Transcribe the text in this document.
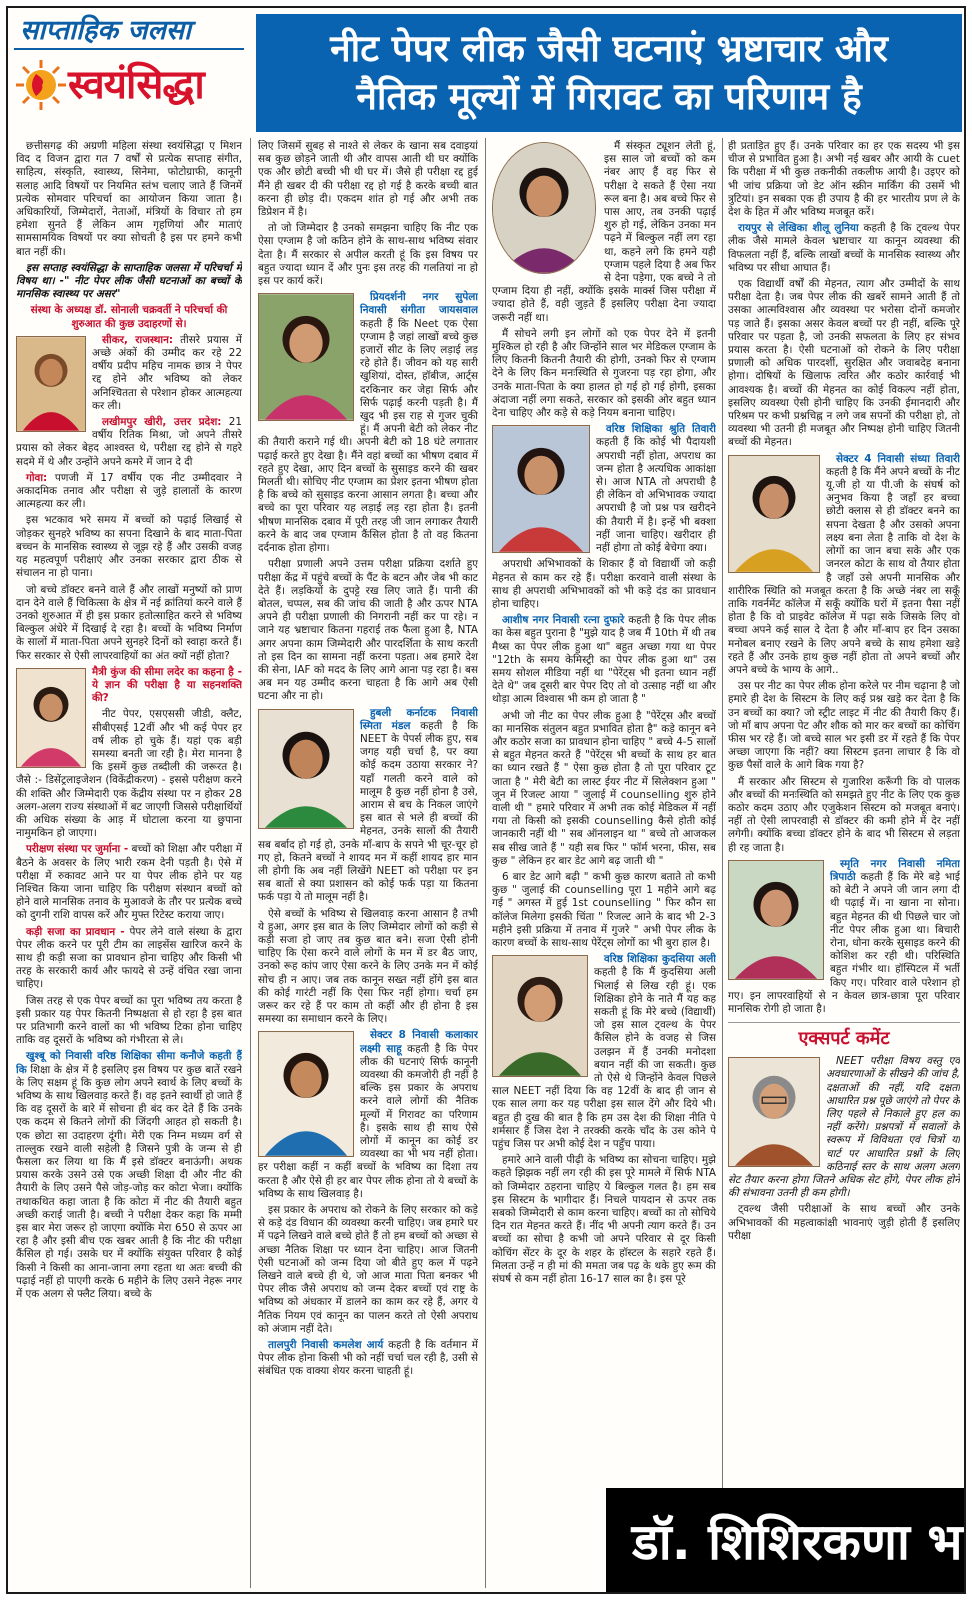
साप्ताहिक जलसा
स्वयंसिद्धा
नीट पेपर लीक जैसी घटनाएं भ्रष्टाचार और
नैतिक मूल्यों में गिरावट का परिणाम है

छत्तीसगढ़ की अग्रणी महिला संस्था स्वयंसिद्धा ए मिशन विद द विजन द्वारा गत 7 वर्षों से प्रत्येक सप्ताह संगीत, साहित्य, संस्कृति, स्वास्थ्य, सिनेमा, फोटोग्राफी, कानूनी सलाह आदि विषयों पर नियमित स्तंभ चलाए जाते हैं जिनमें प्रत्येक सोमवार परिचर्चा का आयोजन किया जाता है। अधिकारियों, जिम्मेदारों, नेताओं, मंत्रियों के विचार तो हम हमेशा सुनते हैं लेकिन आम गृहणियां और माताएं सामसामयिक विषयों पर क्या सोचती है इस पर हमने कभी बात नहीं की।

इस सप्ताह स्वयंसिद्धा के साप्ताहिक जलसा में परिचर्चा में विषय था। -" नीट पेपर लीक जैसी घटनाओं का बच्चों के मानसिक स्वास्थ्य पर असर"

संस्था के अध्यक्ष डॉ. सोनाली चक्रवर्ती ने परिचर्चा की शुरुआत की कुछ उदाहरणों से।

सीकर, राजस्थान: तीसरे प्रयास में अच्छे अंकों की उम्मीद कर रहे 22 वर्षीय प्रदीप महिच नामक छात्र ने पेपर रद्द होने और भविष्य को लेकर अनिश्चितता से परेशान होकर आत्महत्या कर ली।

लखीमपुर खीरी, उत्तर प्रदेश: 21 वर्षीय रितिक मिश्रा, जो अपने तीसरे प्रयास को लेकर बेहद आश्वस्त थे, परीक्षा रद्द होने से गहरे सदमे में थे और उन्होंने अपने कमरे में जान दे दी

गोवा: पणजी में 17 वर्षीय एक नीट उम्मीदवार ने अकादमिक तनाव और परीक्षा से जुड़े हालातों के कारण आत्महत्या कर ली।

इस भटकाव भरे समय में बच्चों को पढ़ाई लिखाई से जोड़कर सुनहरे भविष्य का सपना दिखाने के बाद माता-पिता बच्चन के मानसिक स्वास्थ्य से जूझ रहे हैं और उसकी वजह यह महत्वपूर्ण परीक्षाएं और उनका सरकार द्वारा ठीक से संचालन ना हो पाना।

जो बच्चे डॉक्टर बनने वाले हैं और लाखों मनुष्यों को प्राण दान देने वाले हैं चिकित्सा के क्षेत्र में नई क्रांतियां करने वाले हैं उनको शुरुआत में ही इस प्रकार हतोत्साहित करने से भविष्य बिल्कुल अंधेरे में दिखाई दे रहा है। बच्चों के भविष्य निर्माण के सालों में माता-पिता अपने सुनहरे दिनों को स्वाहा करते हैं। फिर सरकार से ऐसी लापरवाहियों का अंत क्यों नहीं होता?

मैत्री कुंज की सीमा लदेर का कहना है - ये ज्ञान की परीक्षा है या सहनशक्ति की?

नीट पेपर, एसएससी जीडी, क्लैट, सीबीएसई 12वीं और भी कई पेपर हर वर्ष लीक हो चुके हैं। यहां एक बड़ी समस्या बनती जा रही है। मेरा मानना है कि इसमें कुछ तब्दीली की जरूरत है। जैसे :- डिसेंट्रलाइजेशन (विकेंद्रीकरण) - इससे परीक्षण करने की शक्ति और जिम्मेदारी एक केंद्रीय संस्था पर न होकर 28 अलग-अलग राज्य संस्थाओं में बट जाएगी जिससे परीक्षार्थियों की अधिक संख्या के आड़ में घोटाला करना या छुपाना नामुमकिन हो जाएगा।

परीक्षण संस्था पर जुर्माना - बच्चों को शिक्षा और परीक्षा में बैठने के अवसर के लिए भारी रकम देनी पड़ती है। ऐसे में परीक्षा में रुकावट आने पर या पेपर लीक होने पर यह निश्चित किया जाना चाहिए कि परीक्षण संस्थान बच्चों को होने वाले मानसिक तनाव के मुआवजे के तौर पर प्रत्येक बच्चे को दुगनी राशि वापस करें और मुफ्त रिटेस्ट कराया जाए।

कड़ी सजा का प्रावधान - पेपर लेने वाले संस्था के द्वारा पेपर लीक करने पर पूरी टीम का लाइसेंस खारिज करने के साथ ही कड़ी सजा का प्रावधान होना चाहिए और किसी भी तरह के सरकारी कार्य और फायदे से उन्हें वंचित रखा जाना चाहिए।

जिस तरह से एक पेपर बच्चों का पूरा भविष्य तय करता है इसी प्रकार यह पेपर कितनी निष्पक्षता से हो रहा है इस बात पर प्रतिभागी करने वालों का भी भविष्य टिका होना चाहिए ताकि वह दूसरों के भविष्य को गंभीरता से ले।

खुश्बू को निवासी वरिष्ठ शिक्षिका सीमा कनौजे कहती हैं कि शिक्षा के क्षेत्र में है इसलिए इस विषय पर कुछ बातें रखने के लिए सक्षम हूं कि कुछ लोग अपने स्वार्थ के लिए बच्चों के भविष्य के साथ खिलवाड़ करते हैं। वह इतने स्वार्थी हो जाते हैं कि वह दूसरों के बारे में सोचना ही बंद कर देते हैं कि उनके एक कदम से कितने लोगों की जिंदगी आहत हो सकती है। एक छोटा सा उदाहरण दूंगी। मेरी एक निम्न मध्यम वर्ग से ताल्लुक रखने वाली सहेली है जिसने पुत्री के जन्म से ही फैसला कर लिया था कि मैं इसे डॉक्टर बनाऊंगी। अथक प्रयास करके उसने उसे एक अच्छी शिक्षा दी और नीट की तैयारी के लिए उसने पैसे जोड़-जोड़ कर कोटा भेजा। क्योंकि तथाकथित कहा जाता है कि कोटा में नीट की तैयारी बहुत अच्छी कराई जाती है। बच्ची ने परीक्षा देकर कहा कि मम्मी इस बार मेरा जरूर हो जाएगा क्योंकि मेरा 650 से ऊपर आ रहा है और इसी बीच एक खबर आती है कि नीट की परीक्षा कैंसिल हो गई। उसके घर में क्योंकि संयुक्त परिवार है कोई किसी ने किसी का आना-जाना लगा रहता था अतः बच्ची की पढ़ाई नहीं हो पाएगी करके 6 महीने के लिए उसने नेहरू नगर में एक अलग से फ्लैट लिया। बच्चे के

लिए जिसमें सुबह से नाश्ते से लेकर के खाना सब दवाइयां सब कुछ छोड़ने जाती थी और वापस आती थी घर क्योंकि एक और छोटी बच्ची भी थी घर में। जैसे ही परीक्षा रद्द हुई मैंने ही खबर दी की परीक्षा रद्द हो गई है करके बच्ची बात करना ही छोड़ दी। एकदम शांत हो गई और अभी तक डिप्रेशन में है।

तो जो जिम्मेदार है उनको समझना चाहिए कि नीट एक ऐसा एग्जाम है जो कठिन होने के साथ-साथ भविष्य संवार देता है। मैं सरकार से अपील करती हूं कि इस विषय पर बहुत ज्यादा ध्यान दें और पुनः इस तरह की गलतियां ना हो इस पर कार्य करें।

प्रियदर्शनी नगर सुपेला निवासी संगीता जायसवाल कहती हैं कि Neet एक ऐसा एग्जाम है जहां लाखों बच्चे कुछ हजारों सीट के लिए लड़ाई लड़ रहे होते हैं। जीवन को यह सारी खुशियां, दोस्त, हॉबीज, आर्ट्स दरकिनार कर जेहा सिर्फ और सिर्फ पढ़ाई करनी पड़ती है। मैं खुद भी इस राह से गुजर चुकी हूं। मैं अपनी बेटी को लेकर नीट की तैयारी कराने गई थी। अपनी बेटी को 18 घंटे लगातार पढ़ाई करते हुए देखा है। मैंने वहां बच्चों का भीषण दबाव में रहते हुए देखा, आए दिन बच्चों के सुसाइड करने की खबर मिलती थी। सोचिए नीट एग्जाम का प्रेशर इतना भीषण होता है कि बच्चे को सुसाइड करना आसान लगता है। बच्चा और बच्चे का पूरा परिवार यह लड़ाई लड़ रहा होता है। इतनी भीषण मानसिक दबाव में पूरी तरह जी जान लगाकर तैयारी करने के बाद जब एग्जाम कैंसिल होता है तो वह कितना दर्दनाक होता होगा।

परीक्षा प्रणाली अपने उत्तम परीक्षा प्रक्रिया दर्शाते हुए परीक्षा केंद्र में पहुंचे बच्चों के पैंट के बटन और जेब भी काट देते हैं। लड़कियों के दुपट्टे रख लिए जाते हैं। पानी की बोतल, चप्पल, सब की जांच की जाती है और ऊपर NTA अपने ही परीक्षा प्रणाली की निगरानी नहीं कर पा रहे। न जाने यह भ्रष्टाचार कितना गहराई तक फैला हुआ है, NTA अगर अपना काम जिम्मेदारी और पारदर्शिता के साथ करती तो इस दिन का सामना नहीं करना पड़ता। अब हमारे देश की सेना, IAF को मदद के लिए आगे आना पड़ रहा है। बस अब मन यह उम्मीद करना चाहता है कि आगे अब ऐसी घटना और ना हो।

हुबली कर्नाटक निवासी स्मिता मंडल कहती है कि NEET के पेपर्स लीक हुए, सब जगह यही चर्चा है, पर क्या कोई कदम उठाया सरकार ने? यहाँ गलती करने वाले को मालूम है कुछ नहीं होना है उसे, आराम से बच के निकल जाएंगे इस बात से भले ही बच्चों की मेहनत, उनके सालों की तैयारी सब बर्बाद हो गई हो, उनके माँ-बाप के सपने भी चूर-चूर हो गए हो, कितने बच्चों ने शायद मन में कहीं शायद हार मान ली होगी कि अब नहीं लिखेंगे NEET को परीक्षा पर इन सब बातों से क्या प्रशासन को कोई फर्क पड़ा या कितना फर्क पड़ा ये तो मालूम नहीं है।

ऐसे बच्चों के भविष्य से खिलवाड़ करना आसान है तभी ये हुआ, अगर इस बात के लिए जिम्मेदार लोगों को कड़ी से कड़ी सजा हो जाए तब कुछ बात बने। सजा ऐसी होनी चाहिए कि ऐसा करने वाले लोगों के मन में डर बैठ जाए, उनको रूह कांप जाए ऐसा करने के लिए उनके मन में कोई सोच ही न आए। जब तक कानून सख्त नहीं होंगे इस बात की कोई गारंटी नहीं कि ऐसा फिर नहीं होगा। चर्चा हम जरूर कर रहे हैं पर काम तो कहीं और ही होना है इस समस्या का समाधान करने के लिए।

सेक्टर 8 निवासी कलाकार लक्ष्मी साहू कहती है कि पेपर लीक की घटनाएं सिर्फ कानूनी व्यवस्था की कमजोरी ही नहीं है बल्कि इस प्रकार के अपराध करने वाले लोगों की नैतिक मूल्यों में गिरावट का परिणाम है। इसके साथ ही साथ ऐसे लोगों में कानून का कोई डर व्यवस्था का भी भय नहीं होता। हर परीक्षा कहीं न कहीं बच्चों के भविष्य का दिशा तय करता है और ऐसे ही हर बार पेपर लीक होना तो ये बच्चों के भविष्य के साथ खिलवाड़ है।

इस प्रकार के अपराध को रोकने के लिए सरकार को कड़े से कड़े दंड विधान की व्यवस्था करनी चाहिए। जब हमारे घर में पढ़ने लिखने वाले बच्चे होते हैं तो हम बच्चों को अच्छा से अच्छा नैतिक शिक्षा पर ध्यान देना चाहिए। आज जितनी ऐसी घटनाओं को जन्म दिया जो बीते हुए कल में पढ़ने लिखने वाले बच्चे ही थे, जो आज माता पिता बनकर भी पेपर लीक जैसे अपराध को जन्म देकर बच्चों एवं राष्ट्र के भविष्य को अंधकार में डालने का काम कर रहे हैं, अगर ये नैतिक नियम एवं कानून का पालन करते तो ऐसी अपराध को अंजाम नहीं देते।

तालपुरी निवासी कमलेश आर्य कहती है कि वर्तमान में पेपर लीक होना किसी भी को नहीं चर्चा चल रही है, उसी से संबंधित एक वाक्या शेयर करना चाहती हूं।

मैं संस्कृत ट्यूशन लेती हूं, इस साल जो बच्चों को कम नंबर आए हैं वह फिर से परीक्षा दे सकते हैं ऐसा नया रूल बना है। अब बच्चे फिर से पास आए, तब उनकी पढ़ाई शुरु हो गई, लेकिन उनका मन पढ़ने में बिल्कुल नहीं लग रहा था, कहने लगे कि हमने यही एग्जाम पहले दिया है अब फिर से देना पड़ेगा, एक बच्चे ने तो एग्जाम दिया ही नहीं, क्योंकि इसके मार्क्स जिस परीक्षा में ज्यादा होते हैं, वही जुड़ते हैं इसलिए परीक्षा देना ज्यादा जरूरी नहीं था।

मैं सोचने लगी इन लोगों को एक पेपर देने में इतनी मुश्किल हो रही है और जिन्होंने साल भर मेडिकल एग्जाम के लिए कितनी कितनी तैयारी की होगी, उनको फिर से एग्जाम देने के लिए किन मनःस्थिति से गुजरना पड़ रहा होगा, और उनके माता-पिता के क्या हालत हो गई हो गई होगी, इसका अंदाजा नहीं लगा सकते, सरकार को इसकी ओर बहुत ध्यान देना चाहिए और कड़े से कड़े नियम बनाना चाहिए।

वरिष्ठ शिक्षिका श्रुति तिवारी कहती हैं कि कोई भी पैदायशी अपराधी नहीं होता, अपराध का जन्म होता है अत्यधिक आकांक्षा से। आज NTA तो अपराधी है ही लेकिन वो अभिभावक ज्यादा अपराधी है जो प्रश्न पत्र खरीदने की तैयारी में है। इन्हें भी बक्शा नहीं जाना चाहिए। खरीदार ही नहीं होगा तो कोई बेचेगा क्या।

अपराधी अभिभावकों के शिकार हैं वो विद्यार्थी जो कड़ी मेहनत से काम कर रहे हैं। परीक्षा करवाने वाली संस्था के साथ ही अपराधी अभिभावकों को भी कड़े दंड का प्रावधान होना चाहिए।

आशीष नगर निवासी रत्ना दुफारे कहती है कि पेपर लीक का केस बहुत पुराना है "मुझे याद है जब मैं 10th में थी तब मैथ्स का पेपर लीक हुआ था" बहुत अच्छा गया था पेपर "12th के समय केमिस्ट्री का पेपर लीक हुआ था" उस समय सोशल मीडिया नहीं था "पेरेंट्स भी इतना ध्यान नहीं देते थे" जब दूसरी बार पेपर दिए तो वो उत्साह नहीं था और थोड़ा आत्म विश्वास भी कम हो जाता है "

अभी जो नीट का पेपर लीक हुआ है "पेरेंट्स और बच्चों का मानसिक संतुलन बहुत प्रभावित होता है" कड़े कानून बने और कठोर सजा का प्रावधान होना चाहिए " बच्चे 4-5 सालों से बहुत मेहनत करते हैं "पेरेंट्स भी बच्चों के साथ हर बात का ध्यान रखते हैं " ऐसा कुछ होता है तो पूरा परिवार टूट जाता है " मेरी बेटी का लास्ट ईयर नीट में सिलेक्शन हुआ " जून में रिजल्ट आया " जुलाई में counselling शुरु होने वाली थी " हमारे परिवार में अभी तक कोई मेडिकल में नहीं गया तो किसी को इसकी counselling कैसे होती कोई जानकारी नहीं थी " सब ऑनलाइन था " बच्चे तो आजकल सब सीख जाते हैं " यही सब फिर " फॉर्म भरना, फीस, सब कुछ " लेकिन हर बार डेट आगे बढ़ जाती थी "

6 बार डेट आगे बढ़ी " कभी कुछ कारण बताते तो कभी कुछ " जुलाई की counselling पूरा 1 महीने आगे बढ़ गई " अगस्त में हुई 1st counselling " फिर कौन सा कॉलेज मिलेगा इसकी चिंता " रिजल्ट आने के बाद भी 2-3 महीने इसी प्रक्रिया में तनाव में गुजरे " अभी पेपर लीक के कारण बच्चों के साथ-साथ पेरेंट्स लोगों का भी बुरा हाल है।

वरिष्ठ शिक्षिका कुदसिया अली कहती है कि मैं कुदसिया अली भिलाई से लिख रही हूं। एक शिक्षिका होने के नाते मैं यह कह सकती हूं कि मेरे बच्चे (विद्यार्थी) जो इस साल ट्वल्थ के पेपर कैंसिल होने के वजह से जिस उलझन में हैं उनकी मनोदशा बयान नहीं की जा सकती। कुछ तो ऐसे थे जिन्होंने केवल पिछले साल NEET नहीं दिया कि वह 12वीं के बाद ही जान से एक साल लगा कर यह परीक्षा इस साल देंगे और दिये भी। बहुत ही दुख की बात है कि हम उस देश की शिक्षा नीति पे शर्मसार हैं जिस देश ने तरक्की करके चाँद के उस कोने पे पहुंच जिस पर अभी कोई देश न पहुँच पाया।

हमारे आने वाली पीढ़ी के भविष्य का सोचना चाहिए। मुझे कहते झिझक नहीं लग रही की इस पूरे मामले में सिर्फ NTA को जिम्मेदार ठहराना चाहिए ये बिल्कुल गलत है। हम सब इस सिस्टम के भागीदार हैं। निचले पायदान से ऊपर तक सबको जिम्मेदारी से काम करना चाहिए। बच्चों का तो सोचिये दिन रात मेहनत करते हैं। नींद भी अपनी त्याग करते हैं। उन बच्चों का सोचा है कभी जो अपने परिवार से दूर किसी कोचिंग सेंटर के दूर के शहर के हॉस्टल के सहारे रहते हैं। मिलता उन्हें न ही मां की ममता जब पढ़ के थके हुए रूम की संघर्ष से कम नहीं होता 16-17 साल का है। इस पूरे

ही प्रताड़ित हुए हैं। उनके परिवार का हर एक सदस्य भी इस चीज से प्रभावित हुआ है। अभी नई खबर और आयी के cuet कि परीक्षा में भी कुछ तकनीकी तकलीफ आयी है। उइएर को भी जांच प्रक्रिया जो डेट ऑन स्क्रीन मार्किंग की उसमें भी त्रुटियां। इन सबका एक ही उपाय है की हर भारतीय प्रण ले के देश के हित में और भविष्य मजबूत करें।

रायपुर से लेखिका शीलू लुनिया कहती है कि ट्वल्थ पेपर लीक जैसे मामले केवल भ्रष्टाचार या कानून व्यवस्था की विफलता नहीं हैं, बल्कि लाखों बच्चों के मानसिक स्वास्थ्य और भविष्य पर सीधा आघात हैं।

एक विद्यार्थी वर्षों की मेहनत, त्याग और उम्मीदों के साथ परीक्षा देता है। जब पेपर लीक की खबरें सामने आती हैं तो उसका आत्मविश्वास और व्यवस्था पर भरोसा दोनों कमजोर पड़ जाते हैं। इसका असर केवल बच्चों पर ही नहीं, बल्कि पूरे परिवार पर पड़ता है, जो उनकी सफलता के लिए हर संभव प्रयास करता है। ऐसी घटनाओं को रोकने के लिए परीक्षा प्रणाली को अधिक पारदर्शी, सुरक्षित और जवाबदेह बनाना होगा। दोषियों के खिलाफ त्वरित और कठोर कार्रवाई भी आवश्यक है। बच्चों की मेहनत का कोई विकल्प नहीं होता, इसलिए व्यवस्था ऐसी होनी चाहिए कि उनकी ईमानदारी और परिश्रम पर कभी प्रश्नचिह्न न लगे जब सपनों की परीक्षा हो, तो व्यवस्था भी उतनी ही मजबूत और निष्पक्ष होनी चाहिए जितनी बच्चों की मेहनत।

सेक्टर 4 निवासी संध्या तिवारी कहती है कि मैंने अपने बच्चों के नीट यू.जी हो या पी.जी के संघर्ष को अनुभव किया है जहाँ हर बच्चा छोटी क्लास से ही डॉक्टर बनने का सपना देखता है और उसको अपना लक्ष्य बना लेता है ताकि वो देश के लोगों का जान बचा सके और एक जनरल कोटा के साथ वो तैयार होता है जहाँ उसे अपनी मानसिक और शारीरिक स्थिति को मजबूत करता है कि अच्छे नंबर ला सकूँ ताकि गवर्नमेंट कॉलेज में सकूँ क्योंकि घरों में इतना पैसा नहीं होता है कि वो प्राइवेट कॉलेज में पढ़ा सके जिसके लिए वो बच्चा अपने कई साल दे देता है और माँ-बाप हर दिन उसका मनोबल बनाए रखने के लिए अपने बच्चे के साथ हमेशा खड़े रहते हैं और उनके हाथ कुछ नहीं होता तो अपने बच्चों और अपने बच्चे के भाग्य के आगे..

उस पर नीट का पेपर लीक होना करेले पर नीम चढ़ाना है जो हमारे ही देश के सिस्टम के लिए कई प्रश्न खड़े कर देता है कि उन बच्चों का क्या? जो स्ट्रीट लाइट में नीट की तैयारी किए हैं। जो माँ बाप अपना पेट और शौक को मार कर बच्चों का कोचिंग फीस भर रहे हैं। जो बच्चे साल भर इसी डर में रहते हैं कि पेपर अच्छा जाएगा कि नहीं? क्या सिस्टम इतना लाचार है कि वो कुछ पैसों वाले के आगे बिक गया है?

मैं सरकार और सिस्टम से गुजारिश करूँगी कि वो पालक और बच्चों की मनःस्थिति को समझते हुए नीट के लिए एक कुछ कठोर कदम उठाए और एजुकेशन सिस्टम को मजबूत बनाएं। नहीं तो ऐसी लापरवाही से डॉक्टर की कमी होने में देर नहीं लगेगी। क्योंकि बच्चा डॉक्टर होने के बाद भी सिस्टम से लड़ता ही रह जाता है।

स्मृति नगर निवासी नमिता त्रिपाठी कहती हैं कि मेरे बड़े भाई को बेटी ने अपने जी जान लगा दी थी पढ़ाई में। ना खाना ना सोना। बहुत मेहनत की थी पिछले चार जो नीट पेपर लीक हुआ था। बिचारी रोना, धोना करके सुसाइड करने की कोशिश कर रही थी। परिस्थिति बहुत गंभीर था। हॉस्पिटल में भर्ती किए गए। परिवार वाले परेशान हो गए। इन लापरवाहियों से न केवल छात्र-छात्रा पूरा परिवार मानसिक रोगी हो जाता है।

एक्सपर्ट कमेंट

NEET परीक्षा विषय वस्तु एवं अवधारणाओं के सीखने की जांच है, दक्षताओं की नहीं, यदि दक्षता आधारित प्रश्न पूछे जाएंगे तो पेपर के लिए पहले से निकाले हुए हल का नहीं करेंगे। प्रश्नपत्रों में सवालों के स्वरूप में विविधता एवं चित्रों या चार्ट पर आधारित प्रश्नों के लिए कठिनाई स्तर के साथ अलग अलग सेट तैयार करना होगा जितने अधिक सेट होंगे, पेपर लीक होने की संभावना उतनी ही कम होगी।

ट्वल्थ जैसी परीक्षाओं के साथ बच्चों और उनके अभिभावकों की महत्वाकांक्षी भावनाएं जुड़ी होती हैं इसलिए परीक्षा

डॉ. शिशिरकणा भ
